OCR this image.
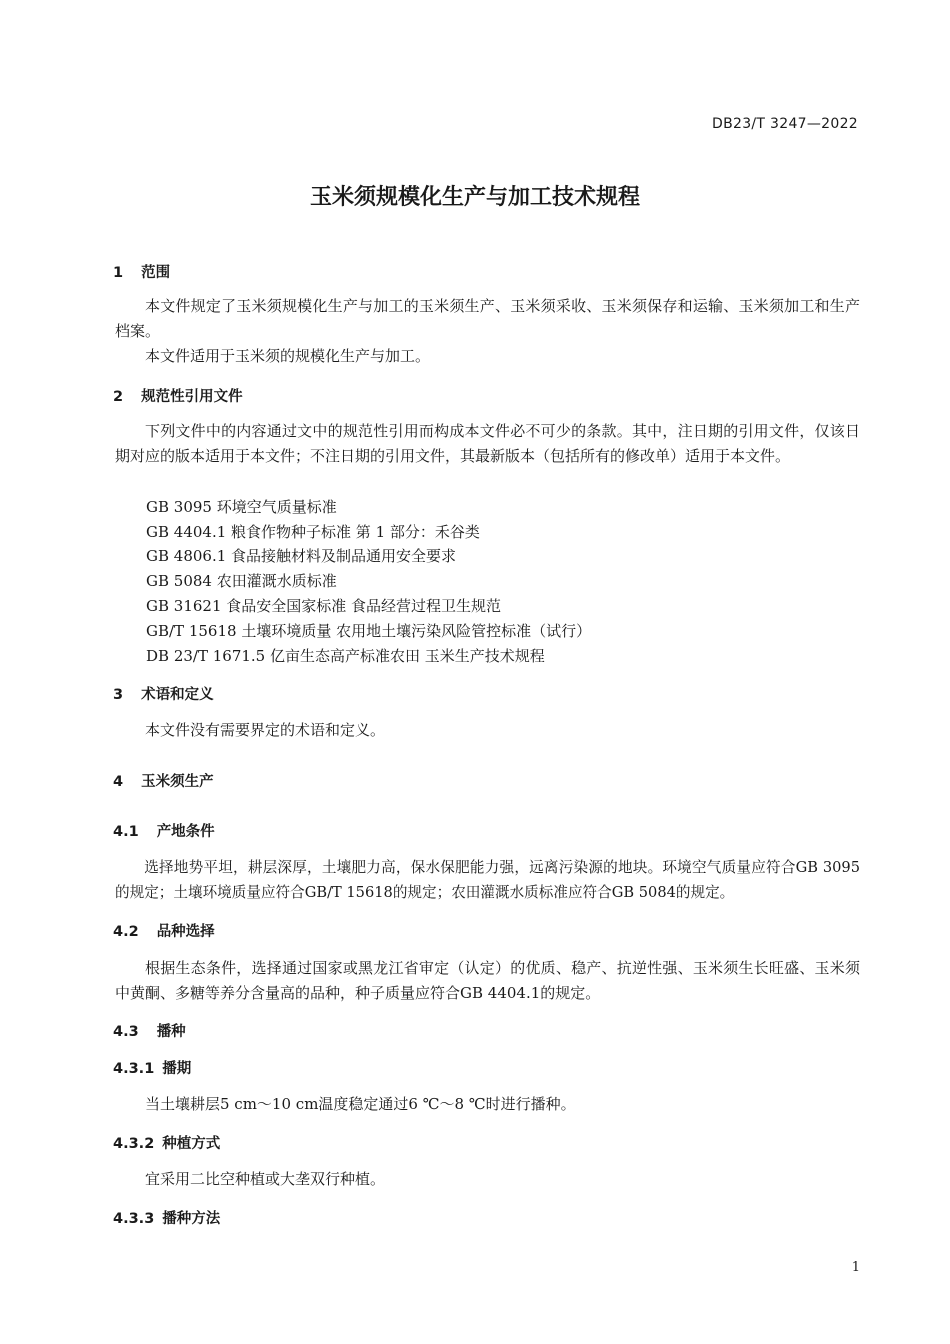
DB23/T 3247—2022
玉米须规模化生产与加工技术规程
1 范围
本文件规定了玉米须规模化生产与加工的玉米须生产、玉米须采收、玉米须保存和运输、玉米须加工和生产档案。
本文件适用于玉米须的规模化生产与加工。
2 规范性引用文件
下列文件中的内容通过文中的规范性引用而构成本文件必不可少的条款。其中，注日期的引用文件，仅该日期对应的版本适用于本文件；不注日期的引用文件，其最新版本（包括所有的修改单）适用于本文件。
GB 3095 环境空气质量标准
GB 4404.1 粮食作物种子标准 第 1 部分：禾谷类
GB 4806.1 食品接触材料及制品通用安全要求
GB 5084 农田灌溉水质标准
GB 31621 食品安全国家标准 食品经营过程卫生规范
GB/T 15618 土壤环境质量 农用地土壤污染风险管控标准（试行）
DB 23/T 1671.5 亿亩生态高产标准农田 玉米生产技术规程
3 术语和定义
本文件没有需要界定的术语和定义。
4 玉米须生产
4.1 产地条件
选择地势平坦，耕层深厚，土壤肥力高，保水保肥能力强，远离污染源的地块。环境空气质量应符合GB 3095的规定；土壤环境质量应符合GB/T 15618的规定；农田灌溉水质标准应符合GB 5084的规定。
4.2 品种选择
根据生态条件，选择通过国家或黑龙江省审定（认定）的优质、稳产、抗逆性强、玉米须生长旺盛、玉米须中黄酮、多糖等养分含量高的品种，种子质量应符合GB 4404.1的规定。
4.3 播种
4.3.1 播期
当土壤耕层5 cm～10 cm温度稳定通过6 ℃～8 ℃时进行播种。
4.3.2 种植方式
宜采用二比空种植或大垄双行种植。
4.3.3 播种方法
1
